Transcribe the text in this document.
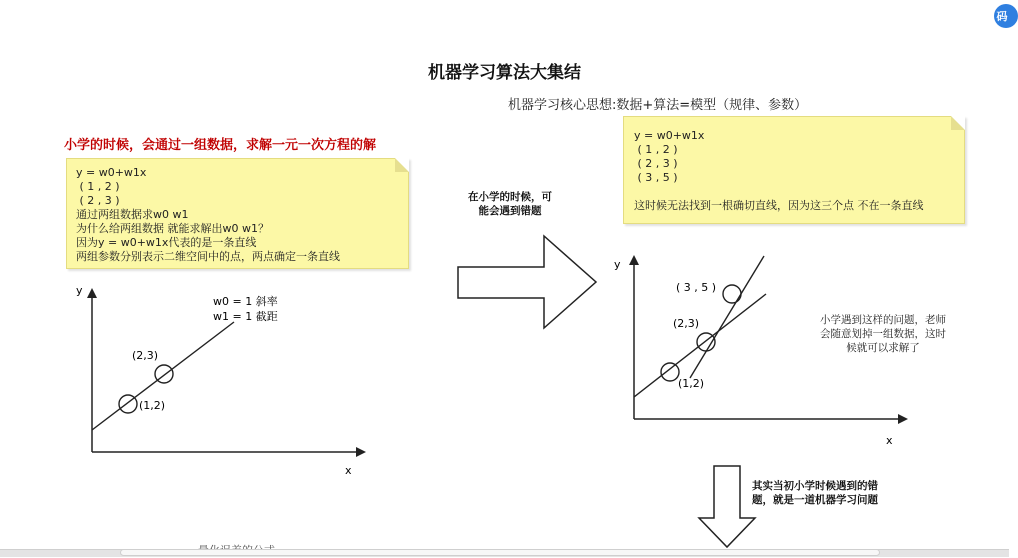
机器学习算法大集结
机器学习核心思想:数据+算法=模型（规律、参数）
小学的时候，会通过一组数据，求解一元一次方程的解
y = w0+w1x
( 1 , 2 )
( 2 , 3 )
通过两组数据求w0 w1
为什么给两组数据 就能求解出w0 w1？
因为y = w0+w1x代表的是一条直线
两组参数分别表示二维空间中的点，两点确定一条直线
y = w0+w1x
( 1 , 2 )
( 2 , 3 )
( 3 , 5 )
这时候无法找到一根确切直线，因为这三个点 不在一条直线
y
x
(1,2)
(2,3)
w0 = 1 斜率
w1 = 1 截距
y
x
(1,2)
(2,3)
( 3 , 5 )
在小学的时候，可
能会遇到错题
小学遇到这样的问题，老师
会随意划掉一组数据，这时
候就可以求解了
其实当初小学时候遇到的错
题，就是一道机器学习问题
码
